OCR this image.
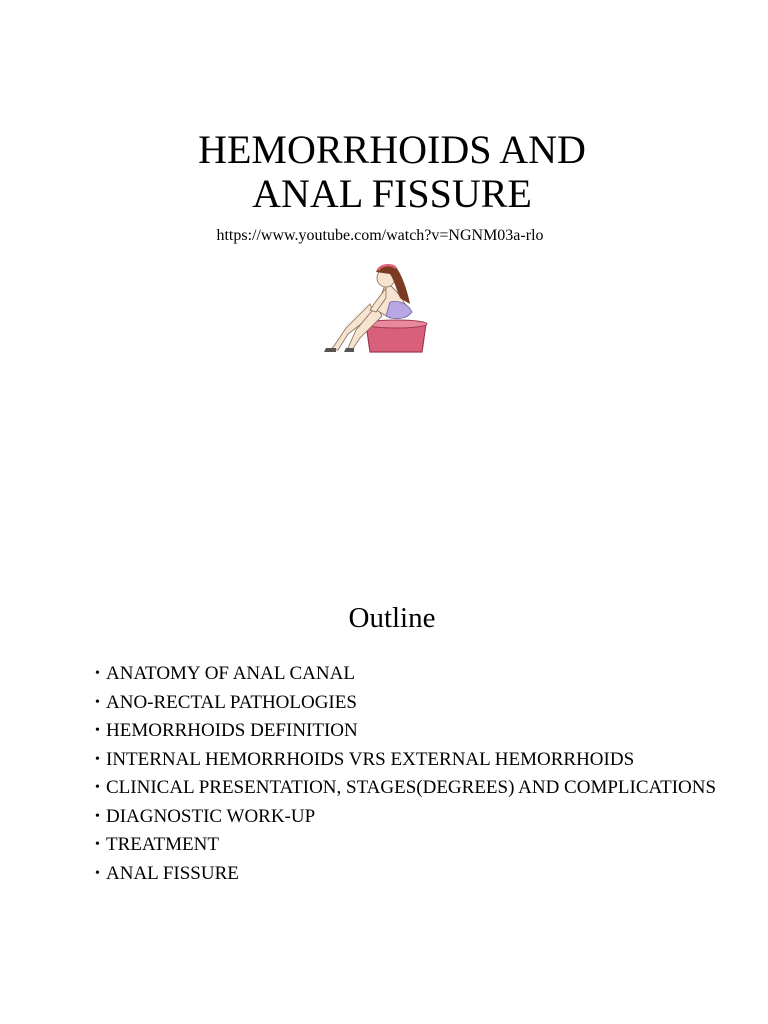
HEMORRHOIDS AND
ANAL FISSURE
https://www.youtube.com/watch?v=NGNM03a-rlo
Outline
• ANATOMY OF ANAL CANAL
• ANO-RECTAL PATHOLOGIES
• HEMORRHOIDS DEFINITION
• INTERNAL HEMORRHOIDS VRS EXTERNAL HEMORRHOIDS
• CLINICAL PRESENTATION, STAGES(DEGREES) AND COMPLICATIONS
• DIAGNOSTIC WORK-UP
• TREATMENT
• ANAL FISSURE
